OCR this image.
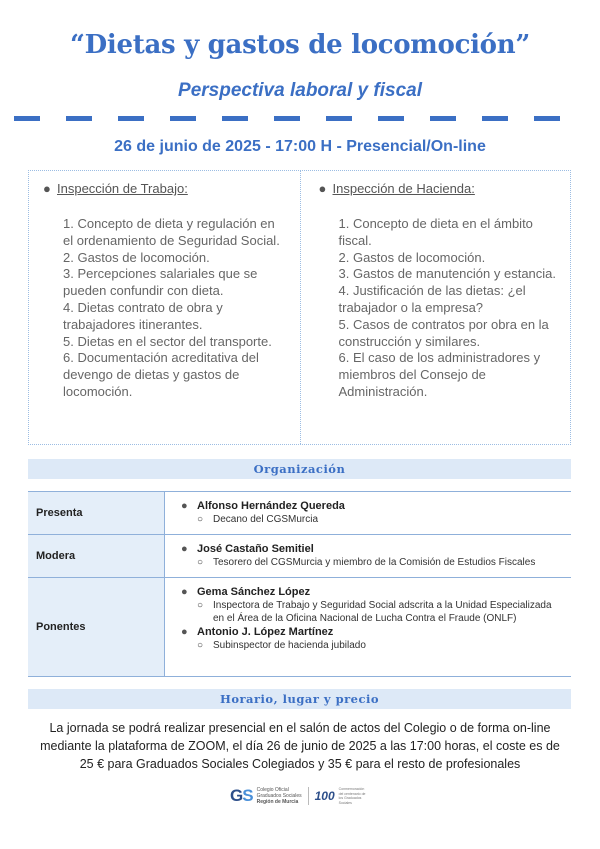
“Dietas y gastos de locomoción”
Perspectiva laboral y fiscal
26 de junio de 2025 - 17:00 H - Presencial/On-line
● Inspección de Trabajo:
1. Concepto de dieta y regulación en el ordenamiento de Seguridad Social.
2. Gastos de locomoción.
3. Percepciones salariales que se pueden confundir con dieta.
4. Dietas contrato de obra y trabajadores itinerantes.
5. Dietas en el sector del transporte.
6. Documentación acreditativa del devengo de dietas y gastos de locomoción.
● Inspección de Hacienda:
1. Concepto de dieta en el ámbito fiscal.
2. Gastos de locomoción.
3. Gastos de manutención y estancia.
4. Justificación de las dietas: ¿el trabajador o la empresa?
5. Casos de contratos por obra en la construcción y similares.
6. El caso de los administradores y miembros del Consejo de Administración.
Organización
Presenta
● Alfonso Hernández Quereda
○ Decano del CGSMurcia
Modera
● José Castaño Semitiel
○ Tesorero del CGSMurcia y miembro de la Comisión de Estudios Fiscales
Ponentes
● Gema Sánchez López
○ Inspectora de Trabajo y Seguridad Social adscrita a la Unidad Especializada en el Área de la Oficina Nacional de Lucha Contra el Fraude (ONLF)
● Antonio J. López Martínez
○ Subinspector de hacienda jubilado
Horario, lugar y precio
La jornada se podrá realizar presencial en el salón de actos del Colegio o de forma on-line mediante la plataforma de ZOOM, el día 26 de junio de 2025 a las 17:00 horas, el coste es de 25 € para Graduados Sociales Colegiados y 35 € para el resto de profesionales
GS Colegio Oficial
Graduados Sociales
Región de Murcia 100 Conmemoración del centenario de los Graduados Sociales
